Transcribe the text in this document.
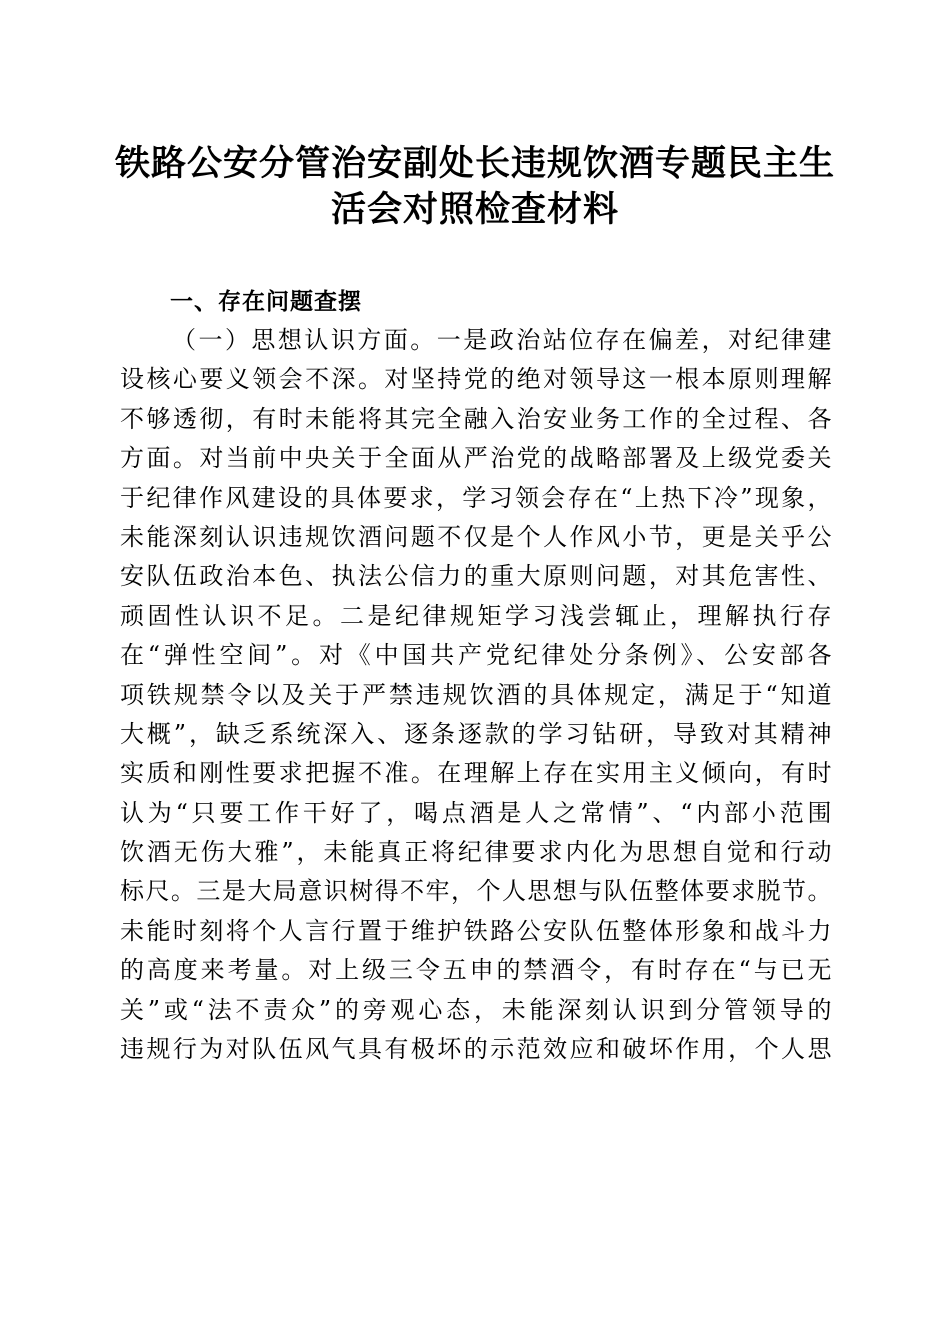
铁路公安分管治安副处长违规饮酒专题民主生
活会对照检查材料
一、存在问题查摆
（一）思想认识方面。一是政治站位存在偏差，对纪律建
设核心要义领会不深。对坚持党的绝对领导这一根本原则理解
不够透彻，有时未能将其完全融入治安业务工作的全过程、各
方面。对当前中央关于全面从严治党的战略部署及上级党委关
于纪律作风建设的具体要求，学习领会存在“上热下冷”现象，
未能深刻认识违规饮酒问题不仅是个人作风小节，更是关乎公
安队伍政治本色、执法公信力的重大原则问题，对其危害性、
顽固性认识不足。二是纪律规矩学习浅尝辄止，理解执行存
在“弹性空间”。对《中国共产党纪律处分条例》、公安部各
项铁规禁令以及关于严禁违规饮酒的具体规定，满足于“知道
大概”，缺乏系统深入、逐条逐款的学习钻研，导致对其精神
实质和刚性要求把握不准。在理解上存在实用主义倾向，有时
认为“只要工作干好了，喝点酒是人之常情”、“内部小范围
饮酒无伤大雅”，未能真正将纪律要求内化为思想自觉和行动
标尺。三是大局意识树得不牢，个人思想与队伍整体要求脱节。
未能时刻将个人言行置于维护铁路公安队伍整体形象和战斗力
的高度来考量。对上级三令五申的禁酒令，有时存在“与已无
关”或“法不责众”的旁观心态，未能深刻认识到分管领导的
违规行为对队伍风气具有极坏的示范效应和破坏作用，个人思
